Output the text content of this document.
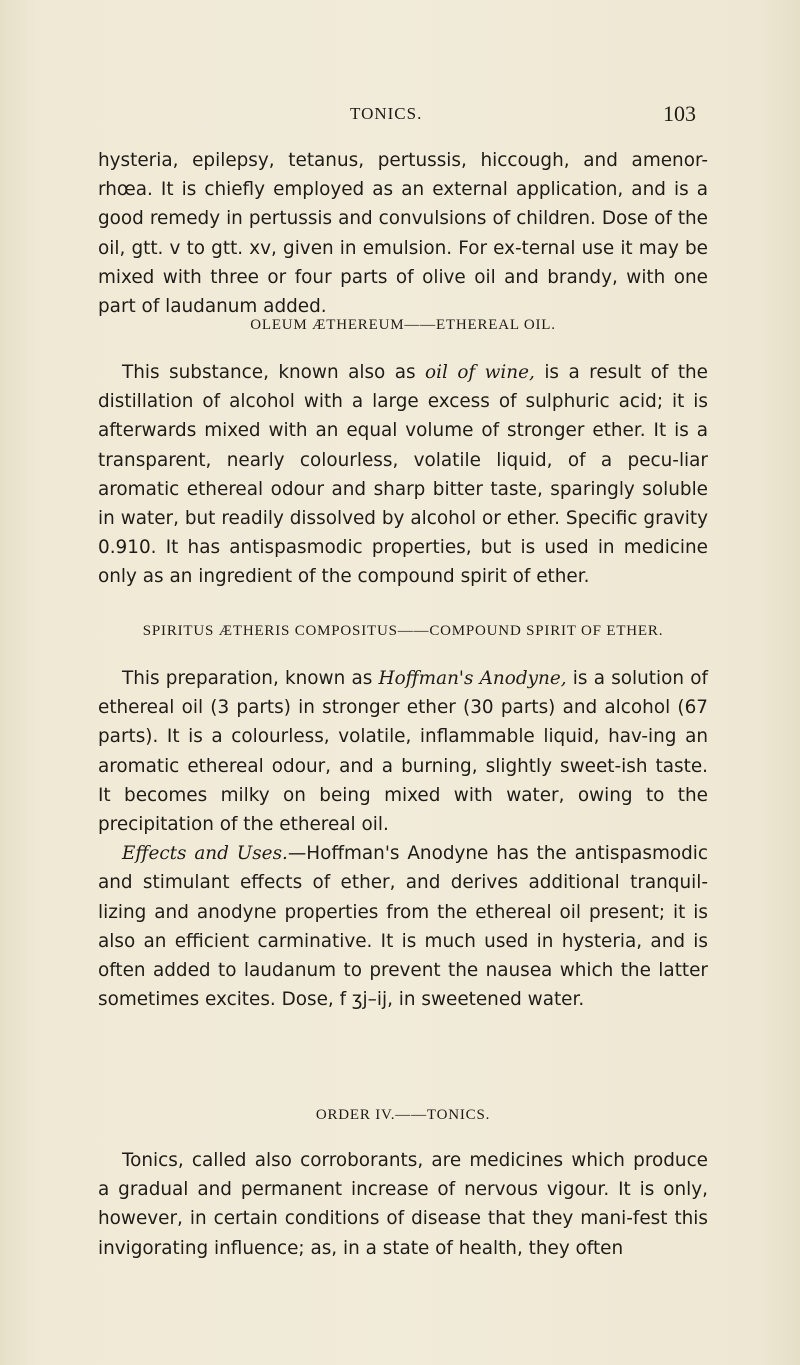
TONICS.	103

hysteria, epilepsy, tetanus, pertussis, hiccough, and amenor-rhœa. It is chiefly employed as an external application, and is a good remedy in pertussis and convulsions of children. Dose of the oil, gtt. v to gtt. xv, given in emulsion. For ex-ternal use it may be mixed with three or four parts of olive oil and brandy, with one part of laudanum added.

OLEUM ÆTHEREUM——ETHEREAL OIL.

This substance, known also as oil of wine, is a result of the distillation of alcohol with a large excess of sulphuric acid; it is afterwards mixed with an equal volume of stronger ether. It is a transparent, nearly colourless, volatile liquid, of a pecu-liar aromatic ethereal odour and sharp bitter taste, sparingly soluble in water, but readily dissolved by alcohol or ether. Specific gravity 0.910. It has antispasmodic properties, but is used in medicine only as an ingredient of the compound spirit of ether.

SPIRITUS ÆTHERIS COMPOSITUS——COMPOUND SPIRIT OF ETHER.

This preparation, known as Hoffman's Anodyne, is a solution of ethereal oil (3 parts) in stronger ether (30 parts) and alcohol (67 parts). It is a colourless, volatile, inflammable liquid, hav-ing an aromatic ethereal odour, and a burning, slightly sweet-ish taste. It becomes milky on being mixed with water, owing to the precipitation of the ethereal oil.

Effects and Uses.—Hoffman's Anodyne has the antispasmodic and stimulant effects of ether, and derives additional tranquil-lizing and anodyne properties from the ethereal oil present; it is also an efficient carminative. It is much used in hysteria, and is often added to laudanum to prevent the nausea which the latter sometimes excites. Dose, f ʒj–ij, in sweetened water.

ORDER IV.——TONICS.

Tonics, called also corroborants, are medicines which produce a gradual and permanent increase of nervous vigour. It is only, however, in certain conditions of disease that they mani-fest this invigorating influence; as, in a state of health, they often
